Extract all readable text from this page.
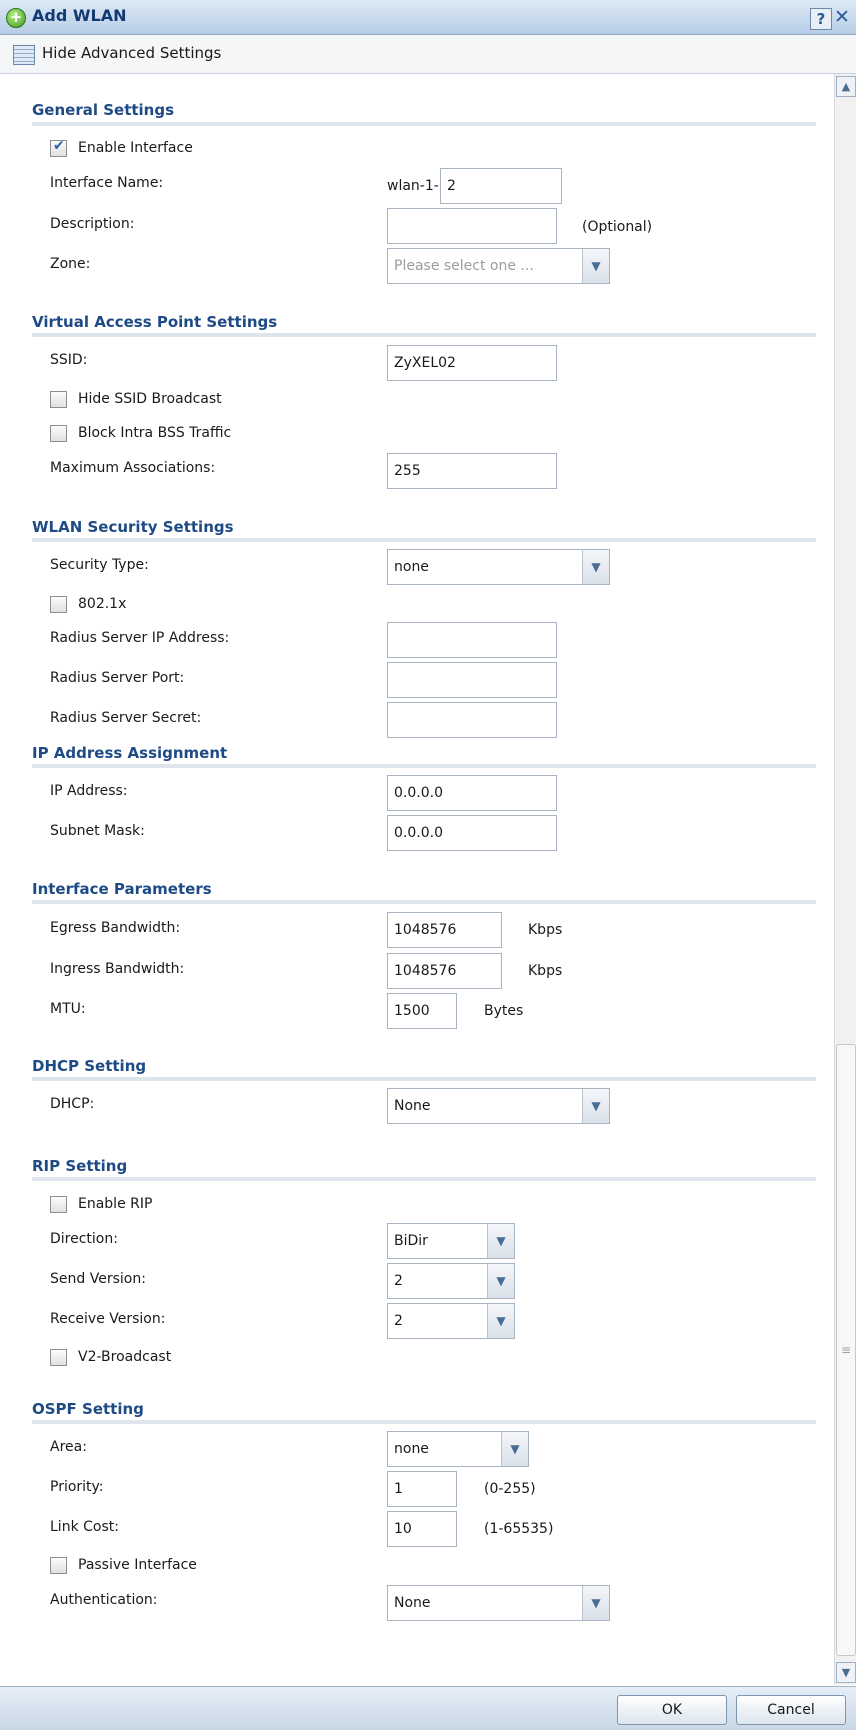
+ Add WLAN	? ✕
Hide Advanced Settings
▲
≡
▼
General Settings
✔
Enable Interface
Interface Name:	wlan-1- 2
Description:	(Optional)
Zone:	Please select one ...	▼
Virtual Access Point Settings
SSID:	ZyXEL02
Hide SSID Broadcast
Block Intra BSS Traffic
Maximum Associations:	255
WLAN Security Settings
Security Type:	none	▼
802.1x
Radius Server IP Address:
Radius Server Port:
Radius Server Secret:
IP Address Assignment
IP Address:	0.0.0.0
Subnet Mask:	0.0.0.0
Interface Parameters
Egress Bandwidth:	1048576	Kbps
Ingress Bandwidth:	1048576	Kbps
MTU:	1500	Bytes
DHCP Setting
DHCP:	None	▼
RIP Setting
Enable RIP
Direction:	BiDir	▼
Send Version:	2	▼
Receive Version:	2	▼
V2-Broadcast
OSPF Setting
Area:	none	▼
Priority:	1	(0-255)
Link Cost:	10	(1-65535)
Passive Interface
Authentication:	None	▼
OK	Cancel
